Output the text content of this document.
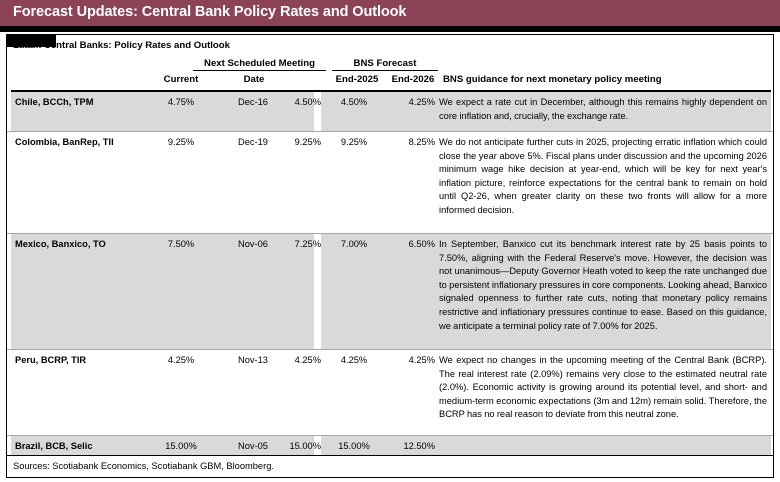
Forecast Updates: Central Bank Policy Rates and Outlook
Latam Central Banks: Policy Rates and Outlook
Next Scheduled Meeting	BNS Forecast
Current	Date	End-2025	End-2026 BNS guidance for next monetary policy meeting
Chile, BCCh, TPM	4.75%	Dec-16	4.50%	4.50%	4.25% We expect a rate cut in December, although this remains highly dependent on core inflation and, crucially, the exchange rate.
Colombia, BanRep, TII	9.25%	Dec-19	9.25%	9.25%	8.25% We do not anticipate further cuts in 2025, projecting erratic inflation which could close the year above 5%. Fiscal plans under discussion and the upcoming 2026 minimum wage hike decision at year-end, which will be key for next year's inflation picture, reinforce expectations for the central bank to remain on hold until Q2-26, when greater clarity on these two fronts will allow for a more informed decision.
Mexico, Banxico, TO	7.50%	Nov-06	7.25%	7.00%	6.50% In September, Banxico cut its benchmark interest rate by 25 basis points to 7.50%, aligning with the Federal Reserve's move. However, the decision was not unanimous—Deputy Governor Heath voted to keep the rate unchanged due to persistent inflationary pressures in core components. Looking ahead, Banxico signaled openness to further rate cuts, noting that monetary policy remains restrictive and inflationary pressures continue to ease. Based on this guidance, we anticipate a terminal policy rate of 7.00% for 2025.
Peru, BCRP, TIR	4.25%	Nov-13	4.25%	4.25%	4.25% We expect no changes in the upcoming meeting of the Central Bank (BCRP). The real interest rate (2.09%) remains very close to the estimated neutral rate (2.0%). Economic activity is growing around its potential level, and short- and medium-term economic expectations (3m and 12m) remain solid. Therefore, the BCRP has no real reason to deviate from this neutral zone.
Brazil, BCB, Selic	15.00%	Nov-05	15.00%	15.00%	12.50%
Sources: Scotiabank Economics, Scotiabank GBM, Bloomberg.
